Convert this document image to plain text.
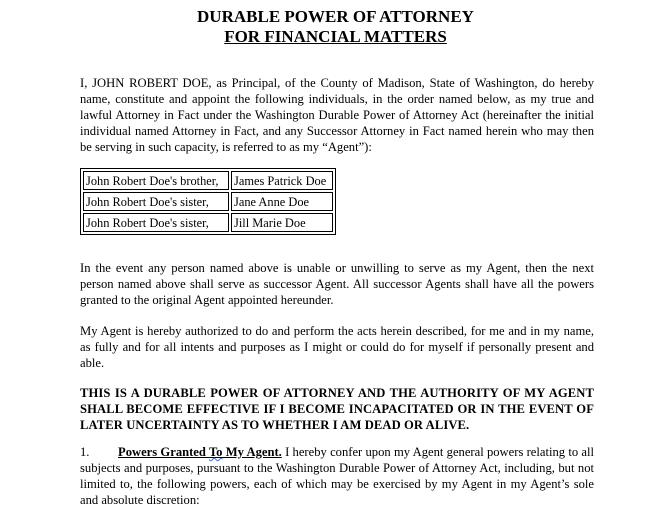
DURABLE POWER OF ATTORNEY
FOR FINANCIAL MATTERS

I, JOHN ROBERT DOE, as Principal, of the County of Madison, State of Washington, do hereby name, constitute and appoint the following individuals, in the order named below, as my true and lawful Attorney in Fact under the Washington Durable Power of Attorney Act (hereinafter the initial individual named Attorney in Fact, and any Successor Attorney in Fact named herein who may then be serving in such capacity, is referred to as my “Agent”):

John Robert Doe's brother,	James Patrick Doe
John Robert Doe's sister,	Jane Anne Doe
John Robert Doe's sister,	Jill Marie Doe

In the event any person named above is unable or unwilling to serve as my Agent, then the next person named above shall serve as successor Agent. All successor Agents shall have all the powers granted to the original Agent appointed hereunder.

My Agent is hereby authorized to do and perform the acts herein described, for me and in my name, as fully and for all intents and purposes as I might or could do for myself if personally present and able.

THIS IS A DURABLE POWER OF ATTORNEY AND THE AUTHORITY OF MY AGENT SHALL BECOME EFFECTIVE IF I BECOME INCAPACITATED OR IN THE EVENT OF LATER UNCERTAINTY AS TO WHETHER I AM DEAD OR ALIVE.

1. Powers Granted To My Agent. I hereby confer upon my Agent general powers relating to all subjects and purposes, pursuant to the Washington Durable Power of Attorney Act, including, but not limited to, the following powers, each of which may be exercised by my Agent in my Agent’s sole and absolute discretion:
